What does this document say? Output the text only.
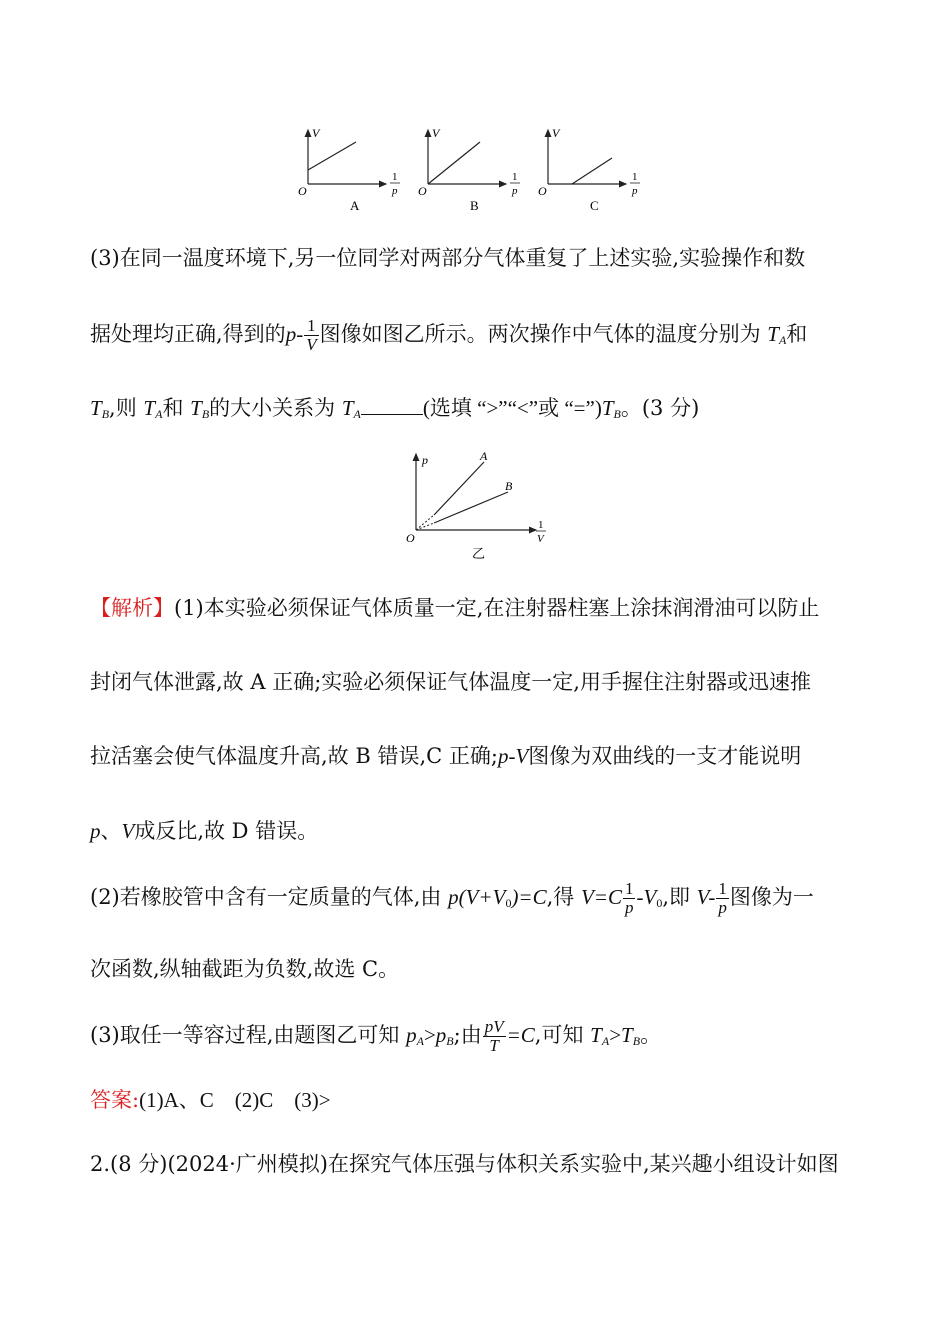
V
O
1
p
A
V
O
1
p
B
V
O
1
p
C
(3)在同一温度环境下,另一位同学对两部分气体重复了上述实验,实验操作和数
据处理均正确,得到的$p- \frac{1}{V}$ 图像如图乙所示。两次操作中气体的温度分别为 $T_A$和
$T_B$,则 $T_A$和 $T_B$的大小关系为 $T_A$	(选填 “>”“<”或 “$=”)T_B$。(3 分)
p	A
B
O
1
V
乙
【解析】(1)本实验必须保证气体质量一定,在注射器柱塞上涂抹润滑油可以防止
封闭气体泄露,故 A 正确;实验必须保证气体温度一定,用手握住注射器或迅速推
拉活塞会使气体温度升高,故 B 错误,C 正确;p-V图像为双曲线的一支才能说明
p、V成反比,故 D 错误。
(2)若橡胶管中含有一定质量的气体,由 $p(V+V_0)=C$,得 $V=C \frac{1}{p} -V_0$,即 $V- \frac{1}{p}$ 图像为一
次函数,纵轴截距为负数,故选 C。
(3)取任一等容过程,由题图乙可知 $p_A>p_B$;由 $\frac{pV}{T} =C$,可知 $T_A>T_B$。
答案:(1)A、C    (2)C    (3)>
2.(8 分)(2024·广州模拟)在探究气体压强与体积关系实验中,某兴趣小组设计如图
